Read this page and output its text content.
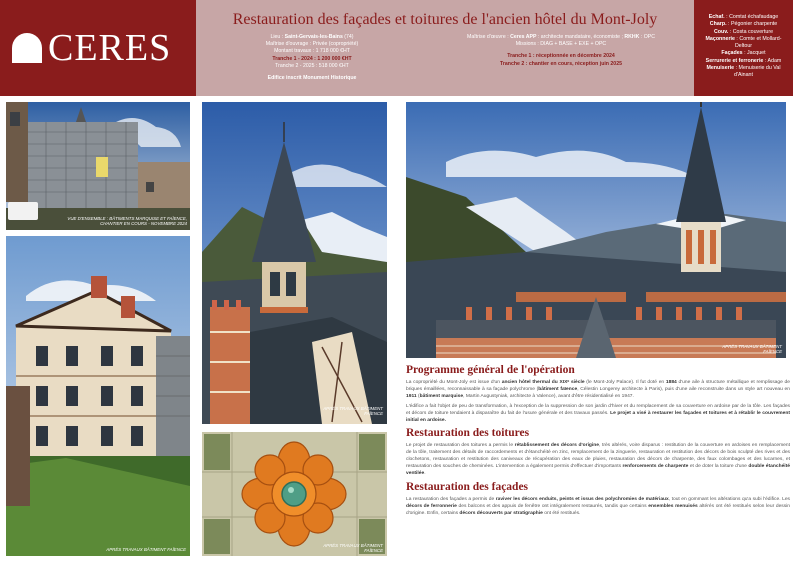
CERES
Restauration des façades et toitures de l'ancien hôtel du Mont-Joly
Lieu : Saint-Gervais-les-Bains (74)
Maîtrise d'ouvrage : Privée (copropriété)
Montant travaux : 1 718 000 €HT
Tranche 1 - 2024 : 1 200 000 €HT
Tranche 2 - 2025 : 518 000 €HT
Edifice inscrit Monument Historique
Maîtrise d'œuvre : Ceres APP : architecte mandataire, économiste ; RKHK : OPC
Missions : DIAG + BASE + EXE + OPC
Tranche 1 : réceptionnée en décembre 2024
Tranche 2 : chantier en cours, réception juin 2025
Echaf. : Comtat échafaudage
Charp. : Pégonier charpente
Couv. : Costa couverture
Maçonnerie : Comte et Mollard-Deltour
Façades : Jacquet
Serrurerie et ferronerie : Adam
Menuiserie : Menuiserie du Val d'Ainant
VUE D'ENSEMBLE : BÂTIMENTS MARQUISE ET FAÏENCE, CHANTIER EN COURS - NOVEMBRE 2024
APRÈS TRAVAUX BÂTIMENT FAÏENCE
APRÈS TRAVAUX BÂTIMENT FAÏENCE
APRÈS TRAVAUX BÂTIMENT FAÏENCE
APRÈS TRAVAUX BÂTIMENT FAÏENCE
Programme général de l'opération

La copropriété du Mont-Joly est issue d'un ancien hôtel thermal du XIXᵉ siècle (le Mont-Joly Palace). Il fut doté en 1884 d'une aile à structure métallique et remplissage de briques émaillées, reconnaissable à sa façade polychrome (bâtiment faïence, Célestin Longerey architecte à Paris), puis d'une aile reconstruite dans un style art nouveau en 1911 (bâtiment marquise, Martin Augustyniak, architecte à Valence), avant d'être résidentialisé en 1947.

L'édifice a fait l'objet de peu de transformation, à l'exception de la suppression de son jardin d'hiver et du remplacement de sa couverture en ardoise par de la tôle. Les façades et décors de toiture tendaient à disparaître du fait de l'usure générale et des travaux passés. Le projet a visé à restaurer les façades et toitures et à rétablir le couvrement initial en ardoise.

Restauration des toitures

Le projet de restauration des toitures a permis le rétablissement des décors d'origine, très altérés, voire disparus : restitution de la couverture en ardoises en remplacement de la tôle, traitement des détails de raccordements et d'étanchéité en zinc, remplacement de la zinguerie, restauration et restitution des décors de bois sculpté des rives et des clochetons, restauration et restitution des caniveaux de récupération des eaux de pluies, restauration des décors de charpente, des faux colombages et des lucarnes, et restauration des souches de cheminées. L'intervention a également permis d'effectuer d'importants renforcements de charpente et de doter la toiture d'une double étanchéité ventilée.

Restauration des façades

La restauration des façades a permis de raviver les décors enduits, peints et issus des polychromies de matériaux, tout en gommant les altérations qu'a subi l'édifice. Les décors de ferronnerie des balcons et des appuis de fenêtre ont intégralement restaurés, tandis que certains ensembles menuisés altérés ont été restitués selon leur dessin d'origine. Enfin, certains décors découverts par stratigraphie ont été restitués.
